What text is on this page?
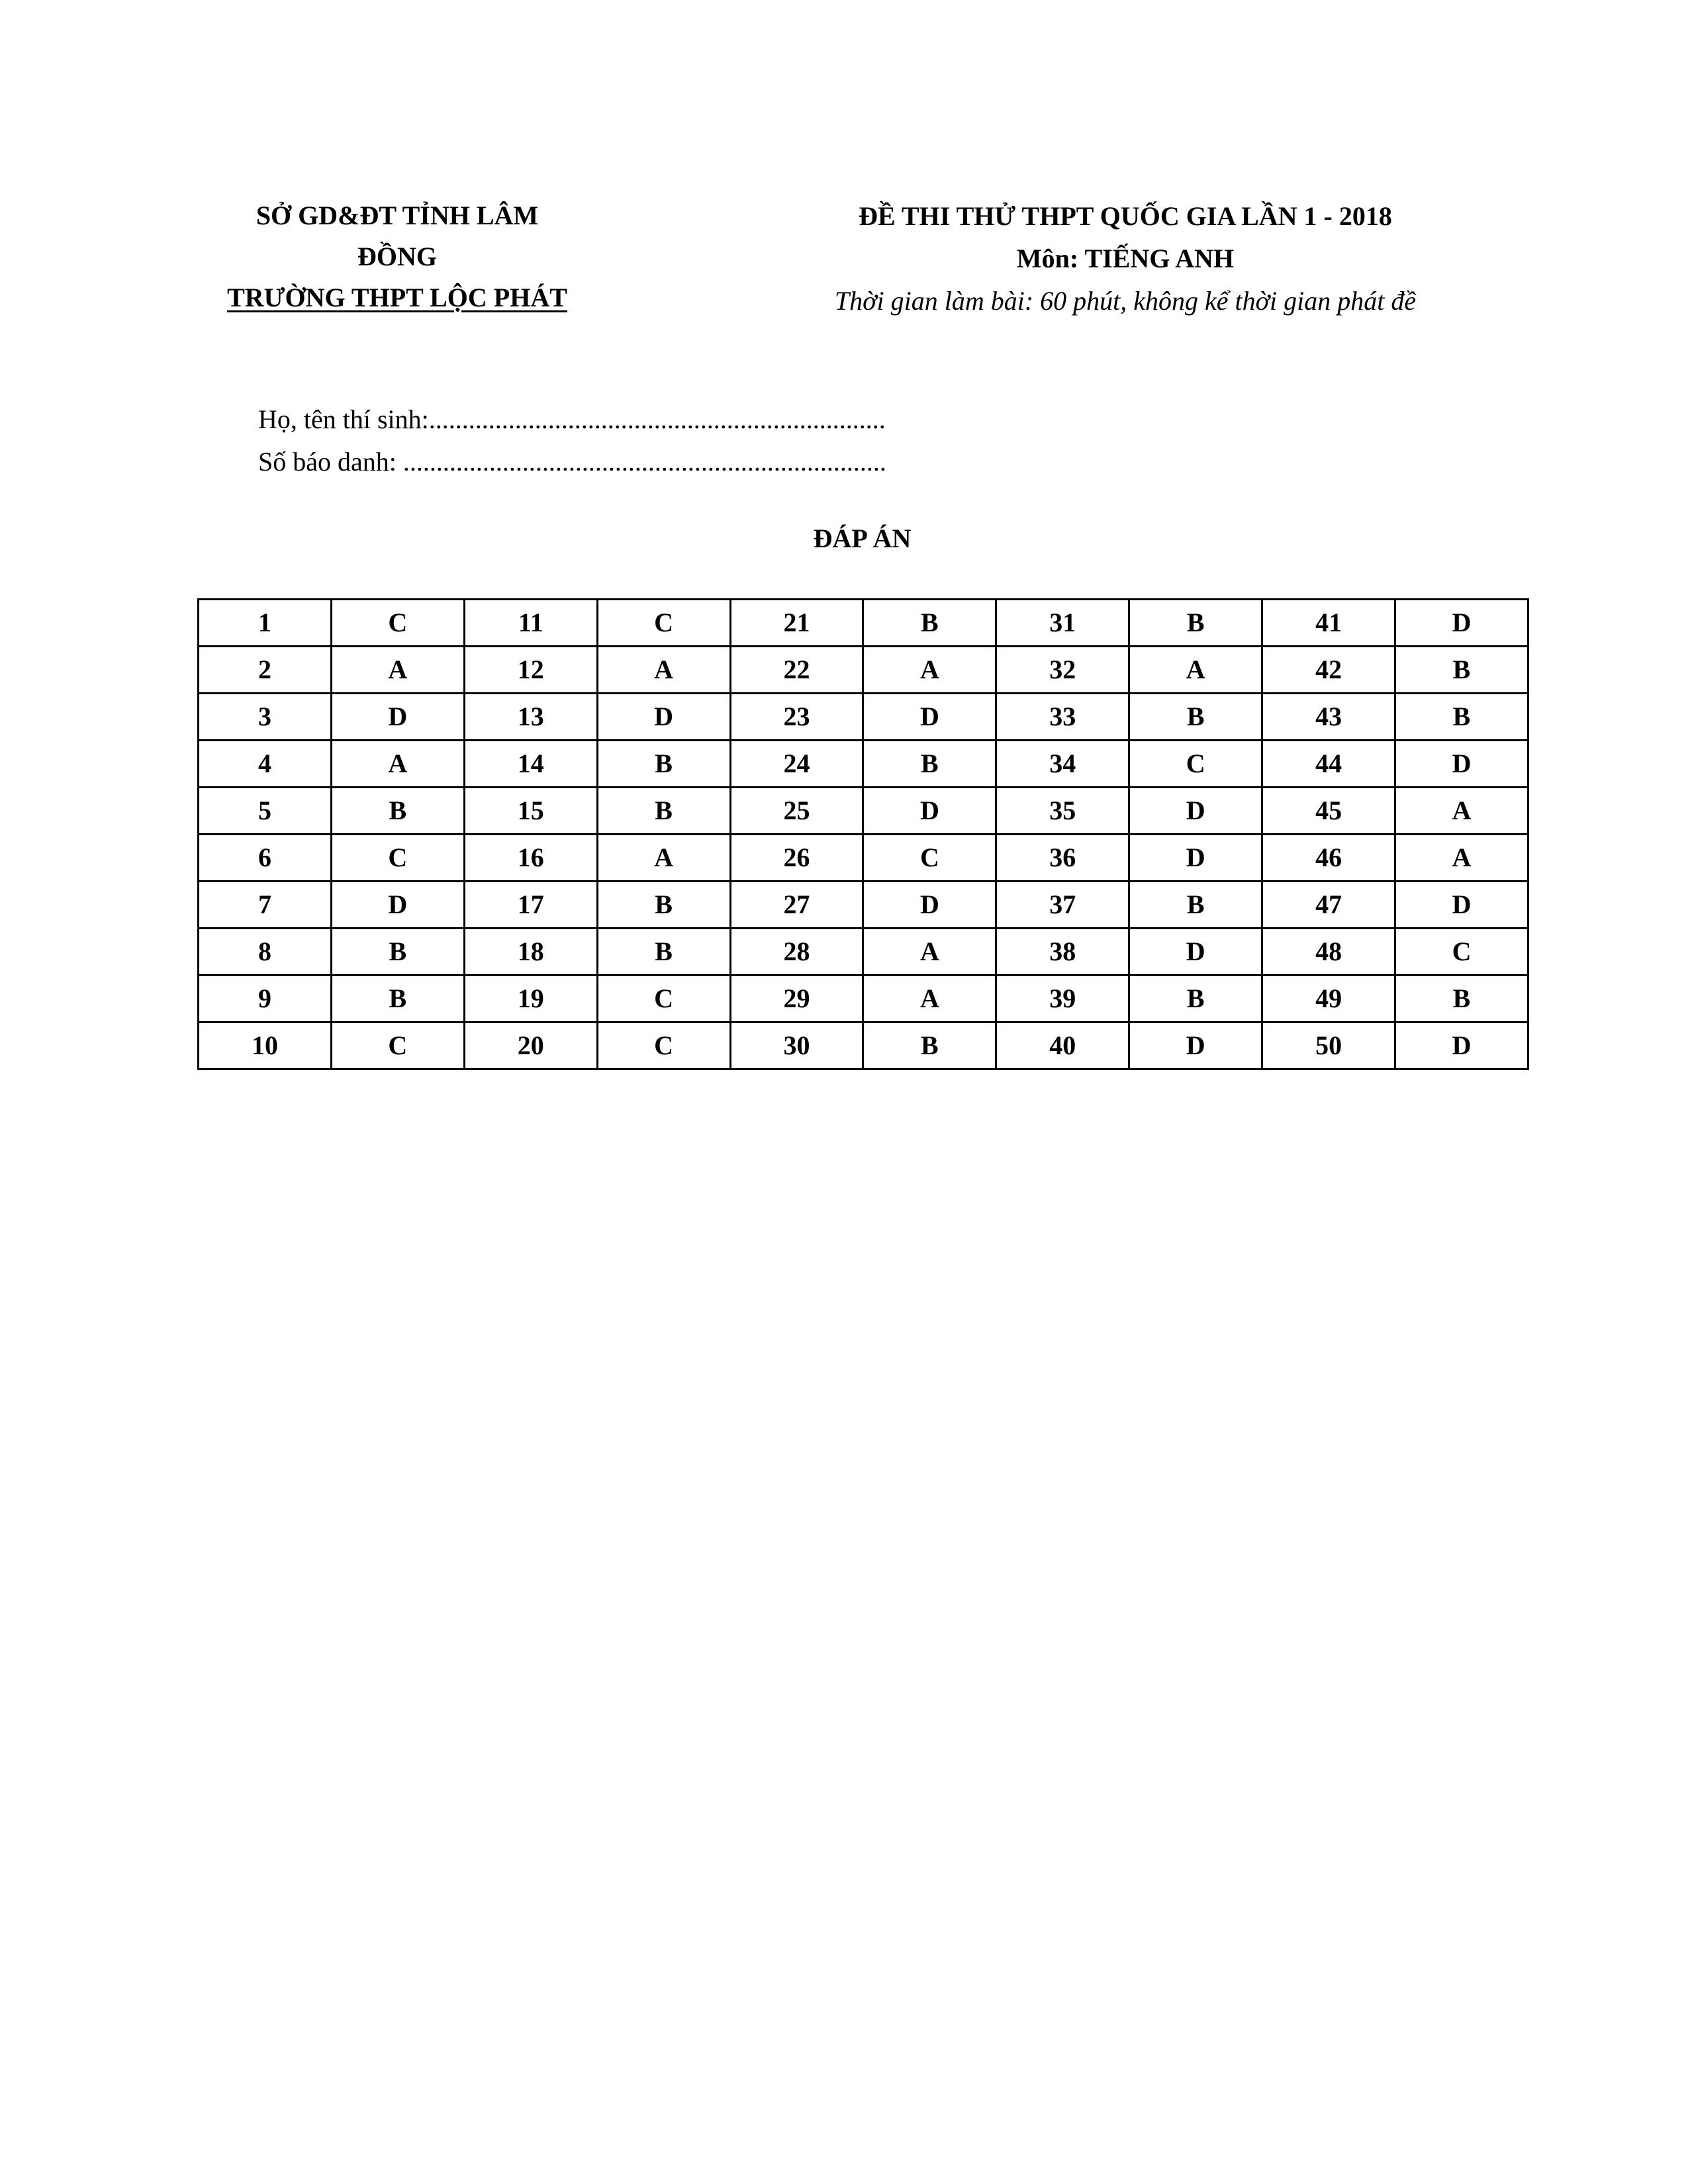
SỞ GD&ĐT TỈNH LÂM
ĐỒNG
TRƯỜNG THPT LỘC PHÁT
ĐỀ THI THỬ THPT QUỐC GIA LẦN 1 - 2018
Môn: TIẾNG ANH
Thời gian làm bài: 60 phút, không kể thời gian phát đề
Họ, tên thí sinh:.....................................................................
Số báo danh: .........................................................................
ĐÁP ÁN
1	C	11	C	21	B	31	B	41	D
2	A	12	A	22	A	32	A	42	B
3	D	13	D	23	D	33	B	43	B
4	A	14	B	24	B	34	C	44	D
5	B	15	B	25	D	35	D	45	A
6	C	16	A	26	C	36	D	46	A
7	D	17	B	27	D	37	B	47	D
8	B	18	B	28	A	38	D	48	C
9	B	19	C	29	A	39	B	49	B
10	C	20	C	30	B	40	D	50	D
